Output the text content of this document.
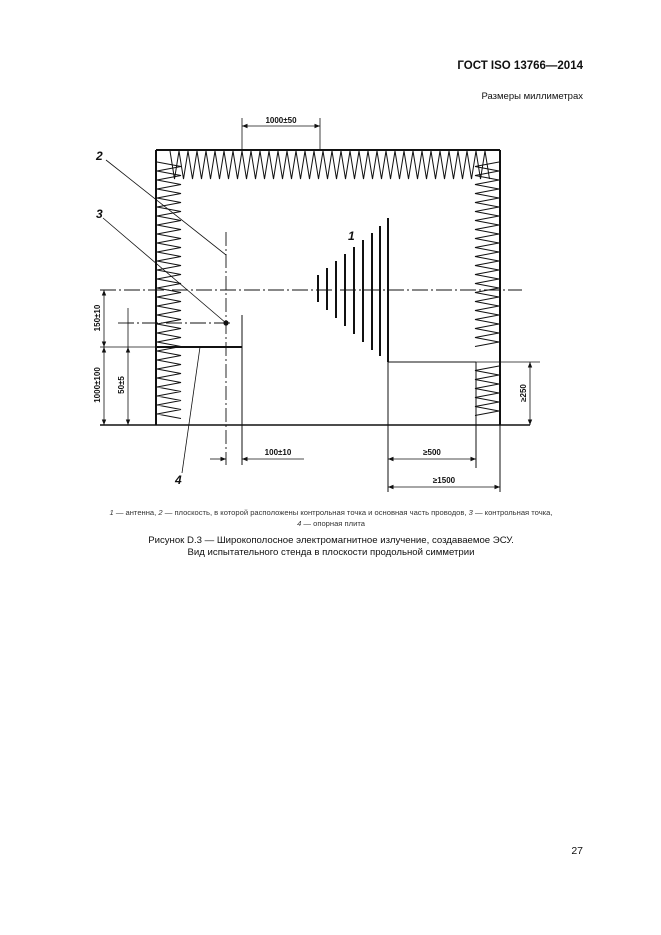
ГОСТ ISO 13766—2014
Размеры миллиметрах
1000±50
150±10
50±5
1000±100
100±10	≥500
≥1500
≥250
1
2
3
4
1 — антенна, 2 — плоскость, в которой расположены контрольная точка и основная часть проводов, 3 — контрольная точка,
4 — опорная плита
Рисунок D.3 — Широкополосное электромагнитное излучение, создаваемое ЭСУ.
Вид испытательного стенда в плоскости продольной симметрии
27
